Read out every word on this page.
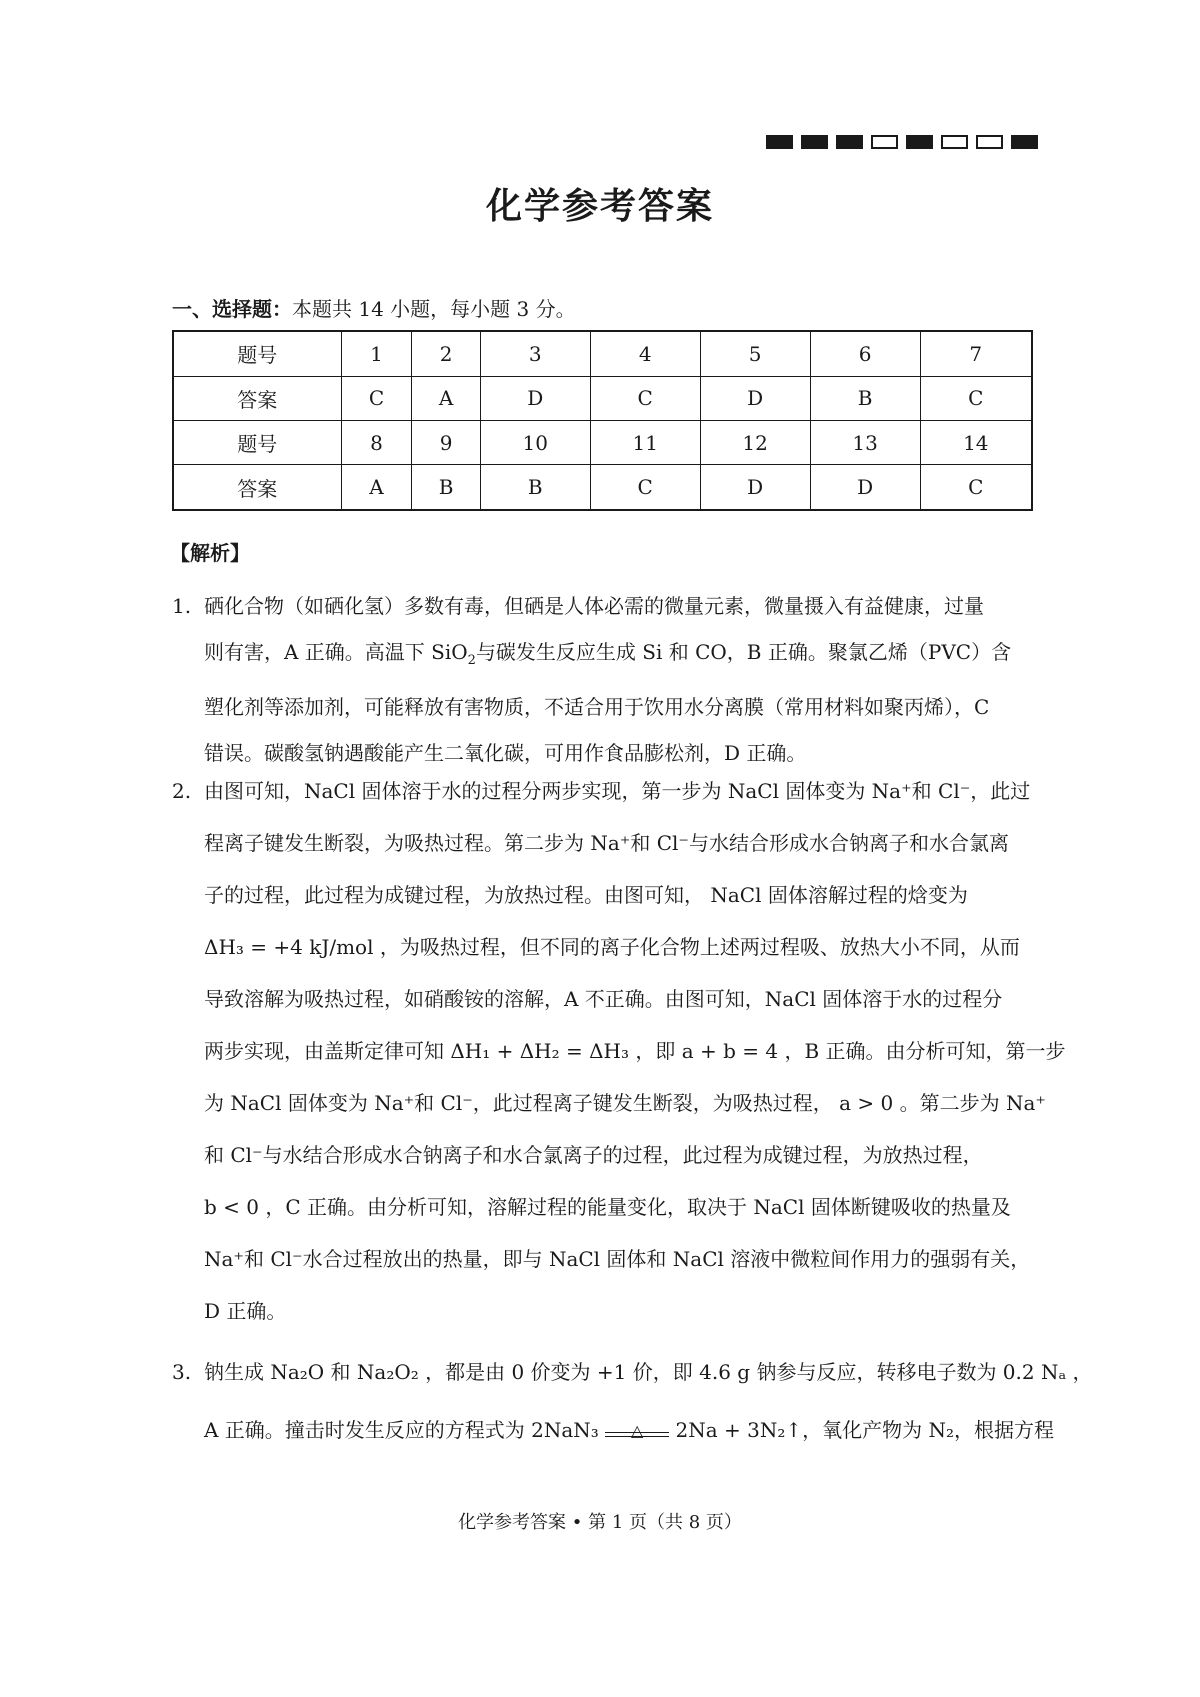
化学参考答案
一、选择题：本题共 14 小题，每小题 3 分。
题号	1	2	3	4	5	6	7
答案	C	A	D	C	D	B	C
题号	8	9	10	11	12	13	14
答案	A	B	B	C	D	D	C
【解析】
1. 硒化合物（如硒化氢）多数有毒，但硒是人体必需的微量元素，微量摄入有益健康，过量
则有害，A 正确。高温下 SiO$_2$与碳发生反应生成 Si 和 CO，B 正确。聚氯乙烯（PVC）含
塑化剂等添加剂，可能释放有害物质，不适合用于饮用水分离膜（常用材料如聚丙烯），C
错误。碳酸氢钠遇酸能产生二氧化碳，可用作食品膨松剂，D 正确。
2. 由图可知，NaCl 固体溶于水的过程分两步实现，第一步为 NaCl 固体变为 Na⁺和 Cl⁻，此过
程离子键发生断裂，为吸热过程。第二步为 Na⁺和 Cl⁻与水结合形成水合钠离子和水合氯离
子的过程，此过程为成键过程，为放热过程。由图可知， NaCl 固体溶解过程的焓变为
ΔH₃ = +4 kJ/mol ，为吸热过程，但不同的离子化合物上述两过程吸、放热大小不同，从而
导致溶解为吸热过程，如硝酸铵的溶解，A 不正确。由图可知，NaCl 固体溶于水的过程分
两步实现，由盖斯定律可知 ΔH₁ + ΔH₂ = ΔH₃ ，即 a + b = 4 ，B 正确。由分析可知，第一步
为 NaCl 固体变为 Na⁺和 Cl⁻，此过程离子键发生断裂，为吸热过程， a > 0 。第二步为 Na⁺
和 Cl⁻与水结合形成水合钠离子和水合氯离子的过程，此过程为成键过程，为放热过程，
b < 0 ，C 正确。由分析可知，溶解过程的能量变化，取决于 NaCl 固体断键吸收的热量及
Na⁺和 Cl⁻水合过程放出的热量，即与 NaCl 固体和 NaCl 溶液中微粒间作用力的强弱有关，
D 正确。
3. 钠生成 Na₂O 和 Na₂O₂ ，都是由 0 价变为 +1 价，即 4.6 g 钠参与反应，转移电子数为 0.2 Nₐ ，
A 正确。撞击时发生反应的方程式为 2NaN₃	△	2Na + 3N₂↑，氧化产物为 N₂，根据方程
化学参考答案 • 第 1 页（共 8 页）
